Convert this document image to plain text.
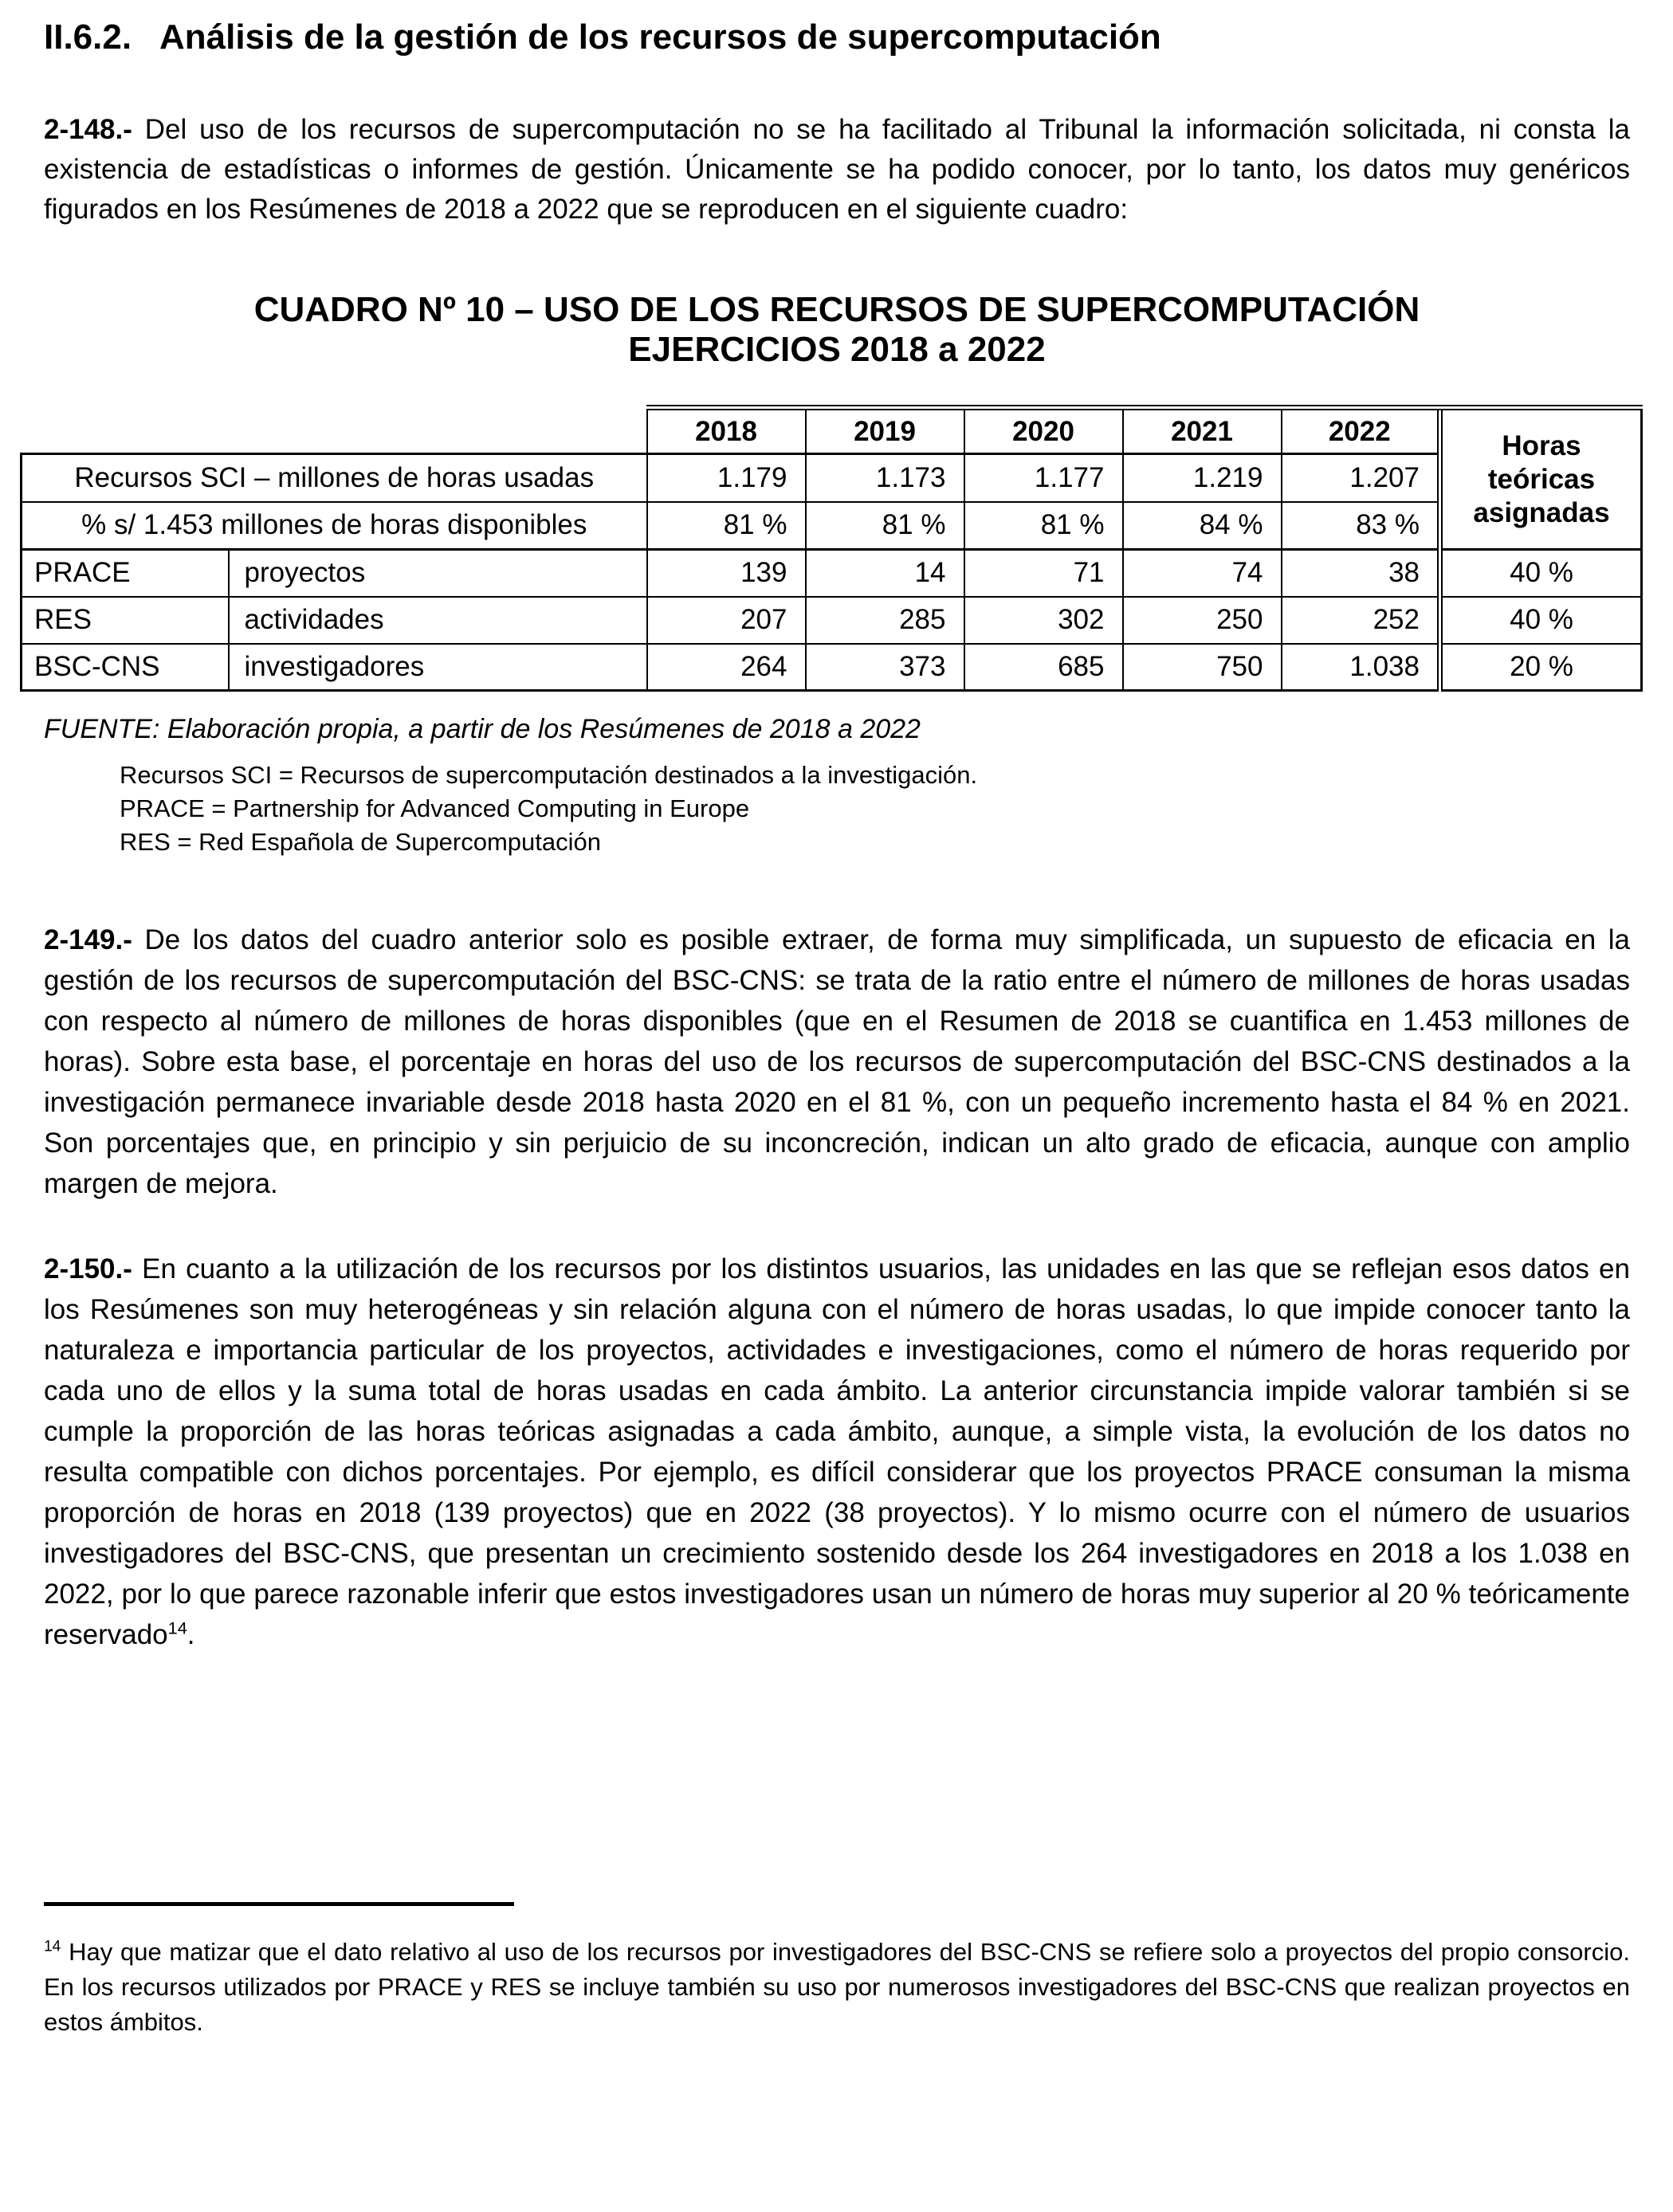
II.6.2. Análisis de la gestión de los recursos de supercomputación

2-148.- Del uso de los recursos de supercomputación no se ha facilitado al Tribunal la información solicitada, ni consta la existencia de estadísticas o informes de gestión. Únicamente se ha podido conocer, por lo tanto, los datos muy genéricos figurados en los Resúmenes de 2018 a 2022 que se reproducen en el siguiente cuadro:

CUADRO Nº 10 – USO DE LOS RECURSOS DE SUPERCOMPUTACIÓN
EJERCICIOS 2018 a 2022
		2018	2019	2020	2021	2022	Horas teóricas asignadas
Recursos SCI – millones de horas usadas		1.179	1.173	1.177	1.219	1.207	
% s/ 1.453 millones de horas disponibles		81 %	81 %	81 %	84 %	83 %	
PRACE	proyectos	139	14	71	74	38	40 %
RES	actividades	207	285	302	250	252	40 %
BSC-CNS	investigadores	264	373	685	750	1.038	20 %
FUENTE: Elaboración propia, a partir de los Resúmenes de 2018 a 2022
Recursos SCI = Recursos de supercomputación destinados a la investigación.
PRACE = Partnership for Advanced Computing in Europe
RES = Red Española de Supercomputación

2-149.- De los datos del cuadro anterior solo es posible extraer, de forma muy simplificada, un supuesto de eficacia en la gestión de los recursos de supercomputación del BSC-CNS: se trata de la ratio entre el número de millones de horas usadas con respecto al número de millones de horas disponibles (que en el Resumen de 2018 se cuantifica en 1.453 millones de horas). Sobre esta base, el porcentaje en horas del uso de los recursos de supercomputación del BSC-CNS destinados a la investigación permanece invariable desde 2018 hasta 2020 en el 81 %, con un pequeño incremento hasta el 84 % en 2021. Son porcentajes que, en principio y sin perjuicio de su inconcreción, indican un alto grado de eficacia, aunque con amplio margen de mejora.

2-150.- En cuanto a la utilización de los recursos por los distintos usuarios, las unidades en las que se reflejan esos datos en los Resúmenes son muy heterogéneas y sin relación alguna con el número de horas usadas, lo que impide conocer tanto la naturaleza e importancia particular de los proyectos, actividades e investigaciones, como el número de horas requerido por cada uno de ellos y la suma total de horas usadas en cada ámbito. La anterior circunstancia impide valorar también si se cumple la proporción de las horas teóricas asignadas a cada ámbito, aunque, a simple vista, la evolución de los datos no resulta compatible con dichos porcentajes. Por ejemplo, es difícil considerar que los proyectos PRACE consuman la misma proporción de horas en 2018 (139 proyectos) que en 2022 (38 proyectos). Y lo mismo ocurre con el número de usuarios investigadores del BSC-CNS, que presentan un crecimiento sostenido desde los 264 investigadores en 2018 a los 1.038 en 2022, por lo que parece razonable inferir que estos investigadores usan un número de horas muy superior al 20 % teóricamente reservado$^{14}$.

$^{14}$ Hay que matizar que el dato relativo al uso de los recursos por investigadores del BSC-CNS se refiere solo a proyectos del propio consorcio. En los recursos utilizados por PRACE y RES se incluye también su uso por numerosos investigadores del BSC-CNS que realizan proyectos en estos ámbitos.
